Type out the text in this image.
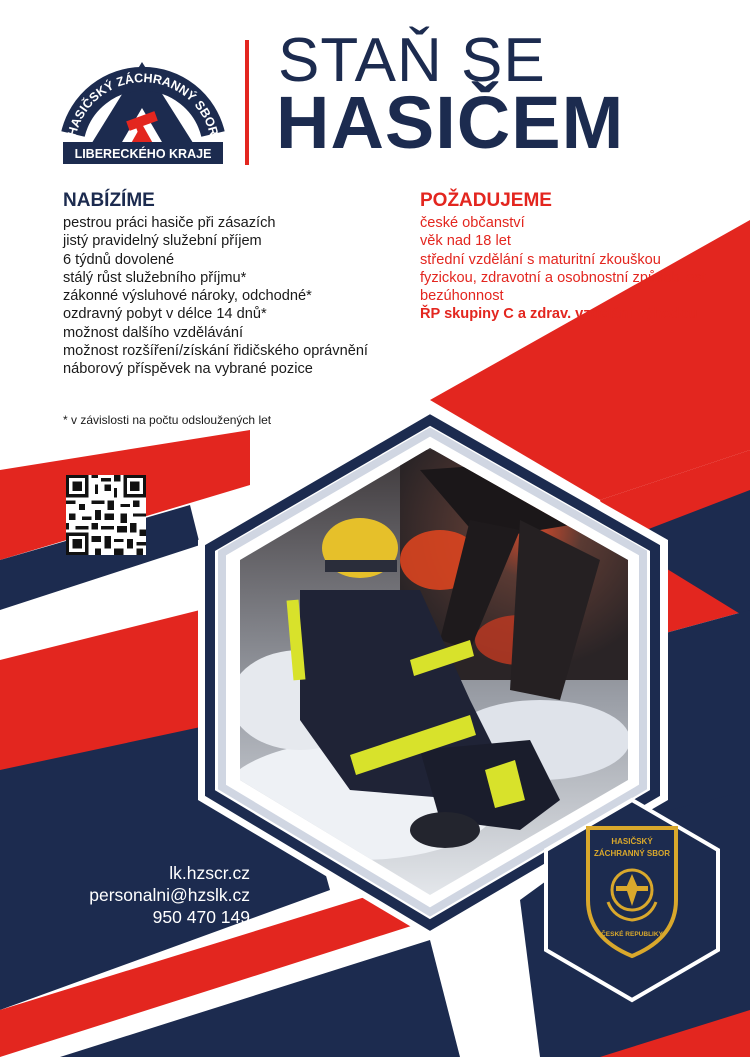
HASIČSKÝ ZÁCHRANNÝ SBOR
LIBERECKÉHO KRAJE
STAŇ SE
HASIČEM
NABÍZÍME
pestrou práci hasiče při zásazích
jistý pravidelný služební příjem
6 týdnů dovolené
stálý růst služebního příjmu*
zákonné výsluhové nároky, odchodné*
ozdravný pobyt v délce 14 dnů*
možnost dalšího vzdělávání
možnost rozšíření/získání řidičského oprávnění
náborový příspěvek na vybrané pozice
* v závislosti na počtu odsloužených let
POŽADUJEME
české občanství
věk nad 18 let
střední vzdělání s maturitní zkouškou
fyzickou, zdravotní a osobnostní způsobilost
bezúhonnost
ŘP skupiny C a zdrav. vzdělání výhodou
lk.hzscr.cz
personalni@hzslk.cz
950 470 149
HASIČSKÝ
ZÁCHRANNÝ SBOR
ČESKÉ REPUBLIKY
